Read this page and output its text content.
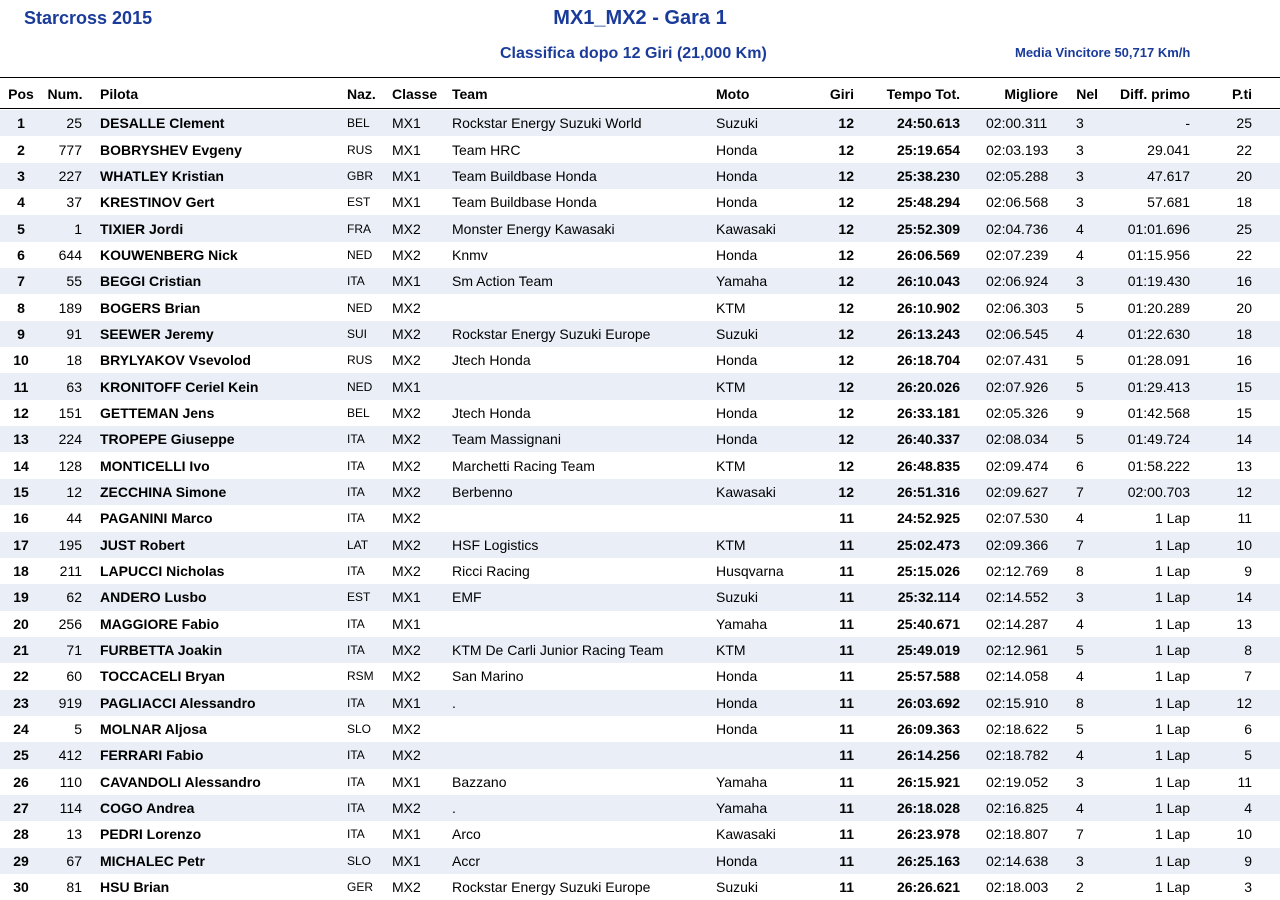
Starcross 2015	MX1_MX2 - Gara 1
Classifica dopo 12 Giri (21,000 Km)	Media Vincitore 50,717 Km/h
Pos	Num.	Pilota	Naz.	Classe	Team	Moto	Giri	Tempo Tot.	Migliore	Nel	Diff. primo	P.ti

1	25	DESALLE Clement	BEL	MX1	Rockstar Energy Suzuki World	Suzuki	12	24:50.613	02:00.311	3	-	25
2	777	BOBRYSHEV Evgeny	RUS	MX1	Team HRC	Honda	12	25:19.654	02:03.193	3	29.041	22
3	227	WHATLEY Kristian	GBR	MX1	Team Buildbase Honda	Honda	12	25:38.230	02:05.288	3	47.617	20
4	37	KRESTINOV Gert	EST	MX1	Team Buildbase Honda	Honda	12	25:48.294	02:06.568	3	57.681	18
5	1	TIXIER Jordi	FRA	MX2	Monster Energy Kawasaki	Kawasaki	12	25:52.309	02:04.736	4	01:01.696	25
6	644	KOUWENBERG Nick	NED	MX2	Knmv	Honda	12	26:06.569	02:07.239	4	01:15.956	22
7	55	BEGGI Cristian	ITA	MX1	Sm Action Team	Yamaha	12	26:10.043	02:06.924	3	01:19.430	16
8	189	BOGERS Brian	NED	MX2		KTM	12	26:10.902	02:06.303	5	01:20.289	20
9	91	SEEWER Jeremy	SUI	MX2	Rockstar Energy Suzuki Europe	Suzuki	12	26:13.243	02:06.545	4	01:22.630	18
10	18	BRYLYAKOV Vsevolod	RUS	MX2	Jtech Honda	Honda	12	26:18.704	02:07.431	5	01:28.091	16
11	63	KRONITOFF Ceriel Kein	NED	MX1		KTM	12	26:20.026	02:07.926	5	01:29.413	15
12	151	GETTEMAN Jens	BEL	MX2	Jtech Honda	Honda	12	26:33.181	02:05.326	9	01:42.568	15
13	224	TROPEPE Giuseppe	ITA	MX2	Team Massignani	Honda	12	26:40.337	02:08.034	5	01:49.724	14
14	128	MONTICELLI Ivo	ITA	MX2	Marchetti Racing Team	KTM	12	26:48.835	02:09.474	6	01:58.222	13
15	12	ZECCHINA Simone	ITA	MX2	Berbenno	Kawasaki	12	26:51.316	02:09.627	7	02:00.703	12
16	44	PAGANINI Marco	ITA	MX2			11	24:52.925	02:07.530	4	1 Lap	11
17	195	JUST Robert	LAT	MX2	HSF Logistics	KTM	11	25:02.473	02:09.366	7	1 Lap	10
18	211	LAPUCCI Nicholas	ITA	MX2	Ricci Racing	Husqvarna	11	25:15.026	02:12.769	8	1 Lap	9
19	62	ANDERO Lusbo	EST	MX1	EMF	Suzuki	11	25:32.114	02:14.552	3	1 Lap	14
20	256	MAGGIORE Fabio	ITA	MX1		Yamaha	11	25:40.671	02:14.287	4	1 Lap	13
21	71	FURBETTA Joakin	ITA	MX2	KTM De Carli Junior Racing Team	KTM	11	25:49.019	02:12.961	5	1 Lap	8
22	60	TOCCACELI Bryan	RSM	MX2	San Marino	Honda	11	25:57.588	02:14.058	4	1 Lap	7
23	919	PAGLIACCI Alessandro	ITA	MX1	.	Honda	11	26:03.692	02:15.910	8	1 Lap	12
24	5	MOLNAR Aljosa	SLO	MX2		Honda	11	26:09.363	02:18.622	5	1 Lap	6
25	412	FERRARI Fabio	ITA	MX2			11	26:14.256	02:18.782	4	1 Lap	5
26	110	CAVANDOLI Alessandro	ITA	MX1	Bazzano	Yamaha	11	26:15.921	02:19.052	3	1 Lap	11
27	114	COGO Andrea	ITA	MX2	.	Yamaha	11	26:18.028	02:16.825	4	1 Lap	4
28	13	PEDRI Lorenzo	ITA	MX1	Arco	Kawasaki	11	26:23.978	02:18.807	7	1 Lap	10
29	67	MICHALEC Petr	SLO	MX1	Accr	Honda	11	26:25.163	02:14.638	3	1 Lap	9
30	81	HSU Brian	GER	MX2	Rockstar Energy Suzuki Europe	Suzuki	11	26:26.621	02:18.003	2	1 Lap	3
